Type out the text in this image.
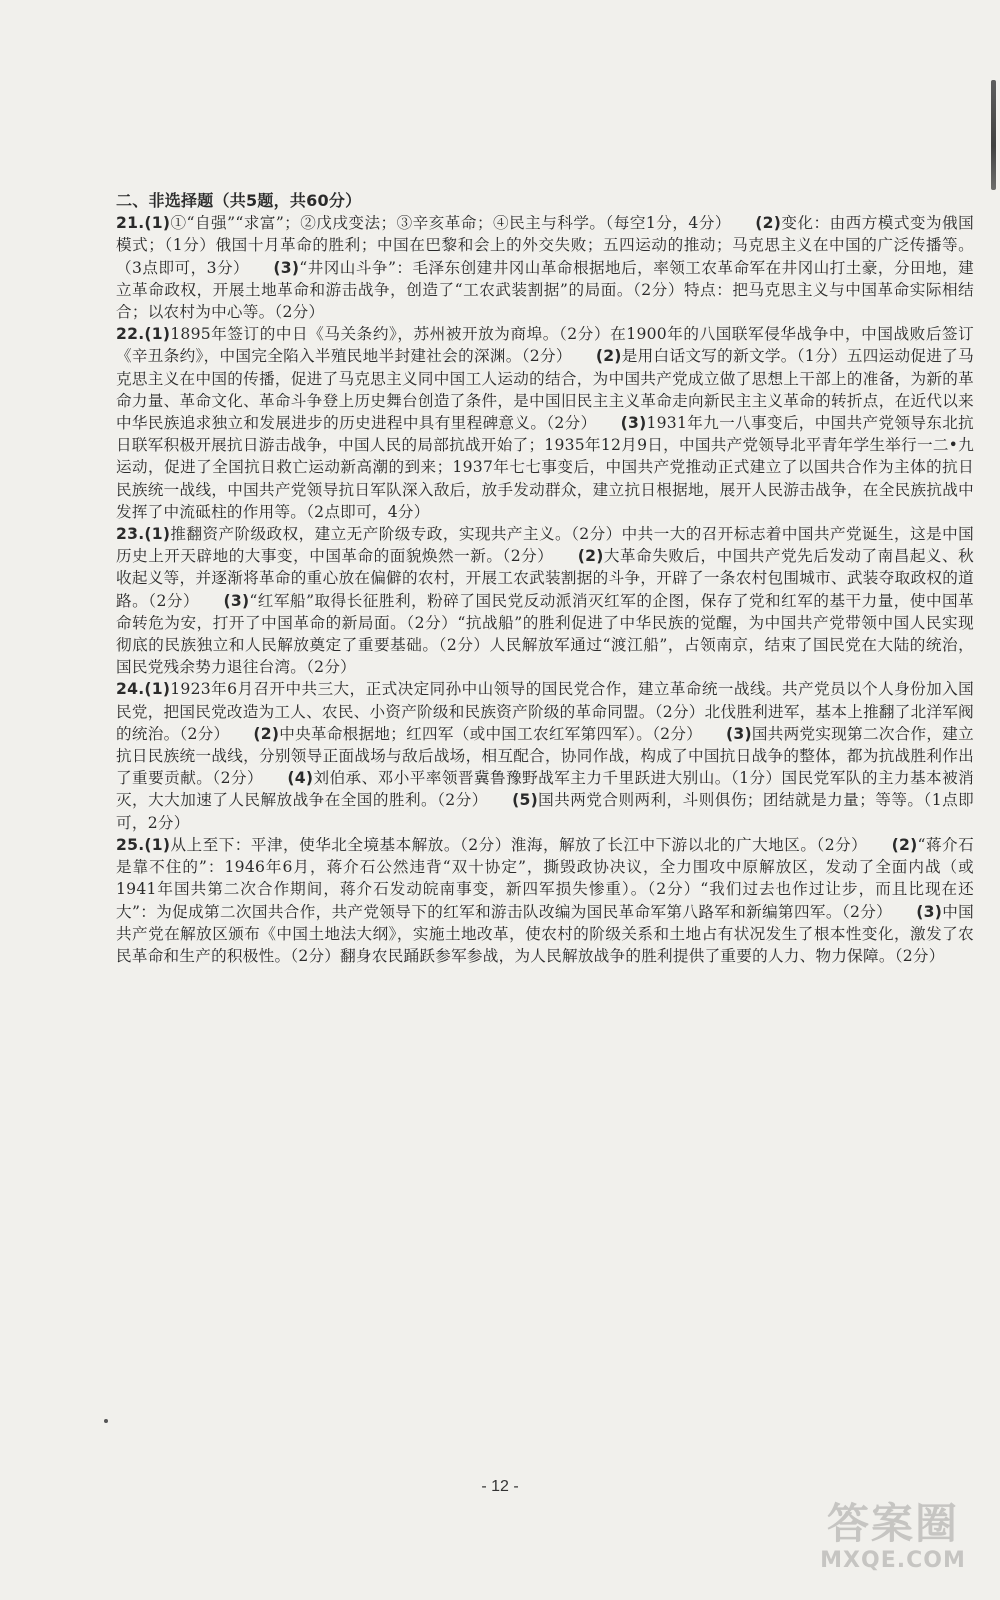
二、非选择题（共5题，共60分）

21.(1)①“自强”“求富”；②戊戌变法；③辛亥革命；④民主与科学。（每空1分，4分）　　 (2)变化：由西方模式变为俄国模式；（1分）俄国十月革命的胜利；中国在巴黎和会上的外交失败；五四运动的推动；马克思主义在中国的广泛传播等。（3点即可，3分）　　 (3)“井冈山斗争”：毛泽东创建井冈山革命根据地后，率领工农革命军在井冈山打土豪，分田地，建立革命政权，开展土地革命和游击战争，创造了“工农武装割据”的局面。（2分）特点：把马克思主义与中国革命实际相结合；以农村为中心等。（2分）

22.(1)1895年签订的中日《马关条约》，苏州被开放为商埠。（2分）在1900年的八国联军侵华战争中，中国战败后签订《辛丑条约》，中国完全陷入半殖民地半封建社会的深渊。（2分）　　 (2)是用白话文写的新文学。（1分）五四运动促进了马克思主义在中国的传播，促进了马克思主义同中国工人运动的结合，为中国共产党成立做了思想上干部上的准备，为新的革命力量、革命文化、革命斗争登上历史舞台创造了条件，是中国旧民主主义革命走向新民主主义革命的转折点，在近代以来中华民族追求独立和发展进步的历史进程中具有里程碑意义。（2分）　　 (3)1931年九一八事变后，中国共产党领导东北抗日联军积极开展抗日游击战争，中国人民的局部抗战开始了；1935年12月9日，中国共产党领导北平青年学生举行一二•九运动，促进了全国抗日救亡运动新高潮的到来；1937年七七事变后，中国共产党推动正式建立了以国共合作为主体的抗日民族统一战线，中国共产党领导抗日军队深入敌后，放手发动群众，建立抗日根据地，展开人民游击战争，在全民族抗战中发挥了中流砥柱的作用等。（2点即可，4分）

23.(1)推翻资产阶级政权，建立无产阶级专政，实现共产主义。（2分）中共一大的召开标志着中国共产党诞生，这是中国历史上开天辟地的大事变，中国革命的面貌焕然一新。（2分）　　 (2)大革命失败后，中国共产党先后发动了南昌起义、秋收起义等，并逐渐将革命的重心放在偏僻的农村，开展工农武装割据的斗争，开辟了一条农村包围城市、武装夺取政权的道路。（2分）　　 (3)“红军船”取得长征胜利，粉碎了国民党反动派消灭红军的企图，保存了党和红军的基干力量，使中国革命转危为安，打开了中国革命的新局面。（2分）“抗战船”的胜利促进了中华民族的觉醒，为中国共产党带领中国人民实现彻底的民族独立和人民解放奠定了重要基础。（2分）人民解放军通过“渡江船”，占领南京，结束了国民党在大陆的统治，国民党残余势力退往台湾。（2分）

24.(1)1923年6月召开中共三大，正式决定同孙中山领导的国民党合作，建立革命统一战线。共产党员以个人身份加入国民党，把国民党改造为工人、农民、小资产阶级和民族资产阶级的革命同盟。（2分）北伐胜利进军，基本上推翻了北洋军阀的统治。（2分）　　 (2)中央革命根据地；红四军（或中国工农红军第四军）。（2分）　　 (3)国共两党实现第二次合作，建立抗日民族统一战线，分别领导正面战场与敌后战场，相互配合，协同作战，构成了中国抗日战争的整体，都为抗战胜利作出了重要贡献。（2分）　　 (4)刘伯承、邓小平率领晋冀鲁豫野战军主力千里跃进大别山。（1分）国民党军队的主力基本被消灭，大大加速了人民解放战争在全国的胜利。（2分）　　 (5)国共两党合则两利，斗则俱伤；团结就是力量；等等。（1点即可，2分）

25.(1)从上至下：平津，使华北全境基本解放。（2分）淮海，解放了长江中下游以北的广大地区。（2分）　　 (2)“蒋介石是靠不住的”：1946年6月，蒋介石公然违背“双十协定”，撕毁政协决议，全力围攻中原解放区，发动了全面内战（或1941年国共第二次合作期间，蒋介石发动皖南事变，新四军损失惨重）。（2分）“我们过去也作过让步，而且比现在还大”：为促成第二次国共合作，共产党领导下的红军和游击队改编为国民革命军第八路军和新编第四军。（2分）　　 (3)中国共产党在解放区颁布《中国土地法大纲》，实施土地改革，使农村的阶级关系和土地占有状况发生了根本性变化，激发了农民革命和生产的积极性。（2分）翻身农民踊跃参军参战，为人民解放战争的胜利提供了重要的人力、物力保障。（2分）

- 12 -
答案圈
MXQE.COM
